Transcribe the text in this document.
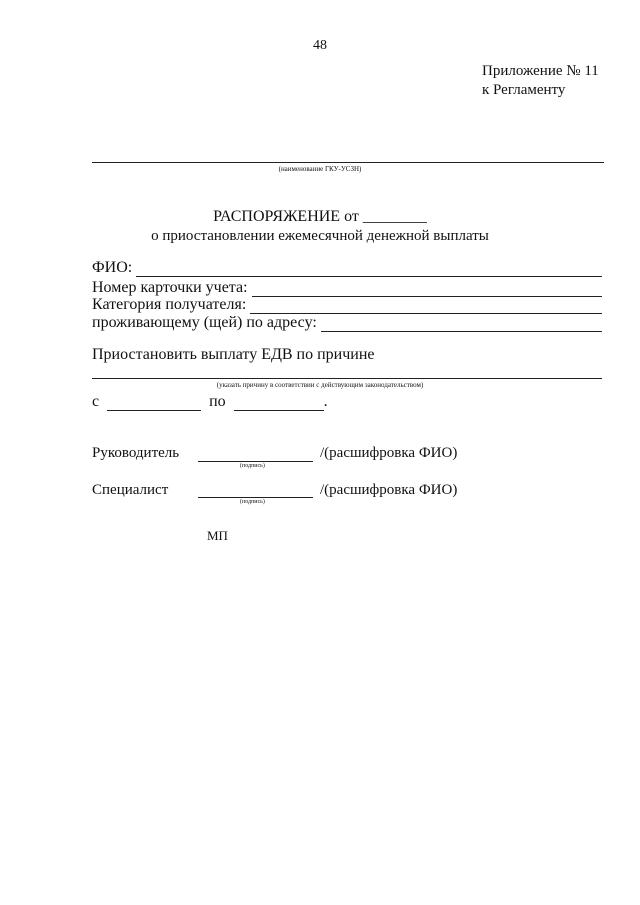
48
Приложение № 11
к Регламенту
(наименование ГКУ-УСЗН)
РАСПОРЯЖЕНИЕ от ________
о приостановлении ежемесячной денежной выплаты
ФИО:
Номер карточки учета:
Категория получателя:
проживающему (щей) по адресу:
Приостановить выплату ЕДВ по причине
(указать причину в соответствии с действующим законодательством)
с	по	.
Руководитель
(подпись)
/(расшифровка ФИО)
Специалист
(подпись)
/(расшифровка ФИО)
МП
